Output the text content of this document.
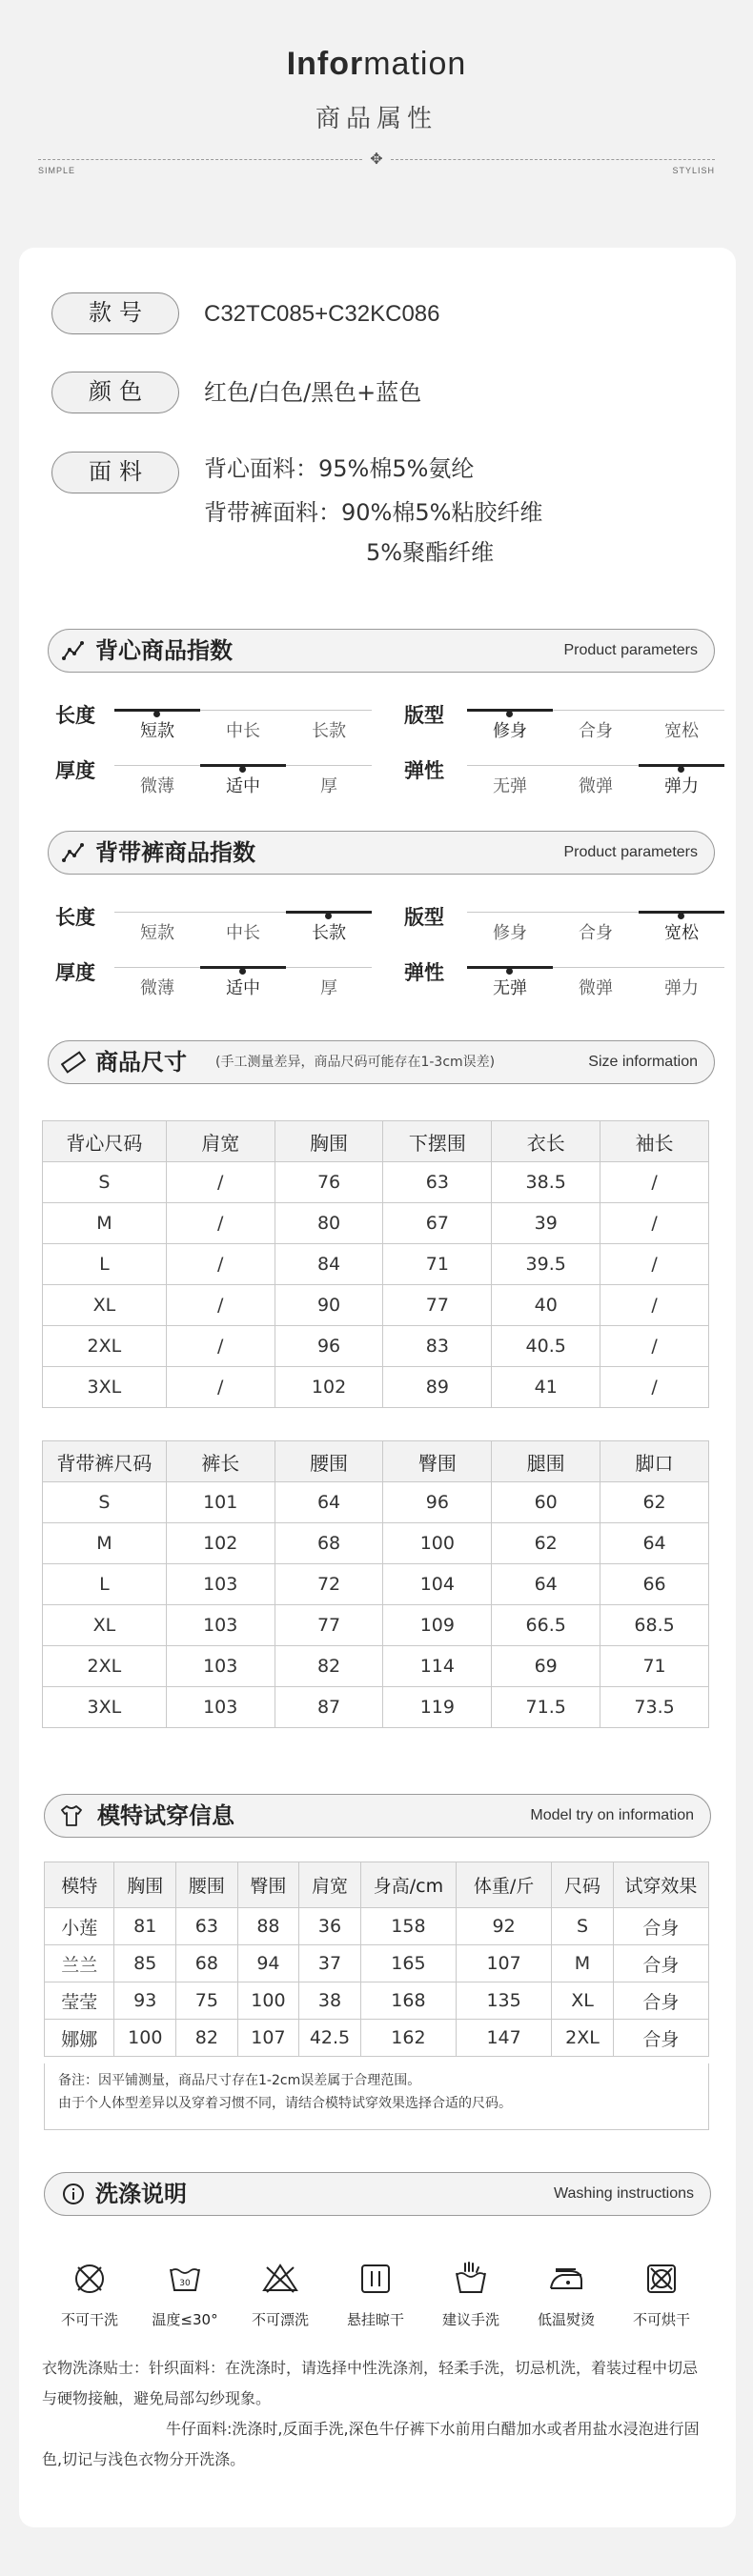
Information
商品属性
✥
SIMPLE	STYLISH
款号	C32TC085+C32KC086
颜色	红色/白色/黑色+蓝色
面料	背心面料：95%棉5%氨纶
背带裤面料：90%棉5%粘胶纤维
5%聚酯纤维
背心商品指数	Product parameters
长度
短款	中长	长款
版型
修身	合身	宽松
厚度
微薄	适中	厚
弹性
无弹	微弹	弹力
背带裤商品指数	Product parameters
长度
短款	中长	长款
版型
修身	合身	宽松
厚度
微薄	适中	厚
弹性
无弹	微弹	弹力
商品尺寸 (手工测量差异，商品尺码可能存在1-3cm误差)	Size information
背心尺码	肩宽	胸围	下摆围	衣长	袖长
S	/	76	63	38.5	/
M	/	80	67	39	/
L	/	84	71	39.5	/
XL	/	90	77	40	/
2XL	/	96	83	40.5	/
3XL	/	102	89	41	/
背带裤尺码	裤长	腰围	臀围	腿围	脚口
S	101	64	96	60	62
M	102	68	100	62	64
L	103	72	104	64	66
XL	103	77	109	66.5	68.5
2XL	103	82	114	69	71
3XL	103	87	119	71.5	73.5
模特试穿信息	Model try on information
模特	胸围	腰围	臀围	肩宽	身高/cm	体重/斤	尺码	试穿效果
小莲	81	63	88	36	158	92	S	合身
兰兰	85	68	94	37	165	107	M	合身
莹莹	93	75	100	38	168	135	XL	合身
娜娜	100	82	107	42.5	162	147	2XL	合身
备注：因平铺测量，商品尺寸存在1-2cm误差属于合理范围。
由于个人体型差异以及穿着习惯不同，请结合模特试穿效果选择合适的尺码。
洗涤说明	Washing instructions
不可干洗
30
温度≤30°	不可漂洗	悬挂晾干	建议手洗	低温熨烫	不可烘干
衣物洗涤贴士：针织面料：在洗涤时，请选择中性洗涤剂，轻柔手洗，切忌机洗，着装过程中切忌与硬物接触，避免局部勾纱现象。
牛仔面料:洗涤时,反面手洗,深色牛仔裤下水前用白醋加水或者用盐水浸泡进行固色,切记与浅色衣物分开洗涤。
